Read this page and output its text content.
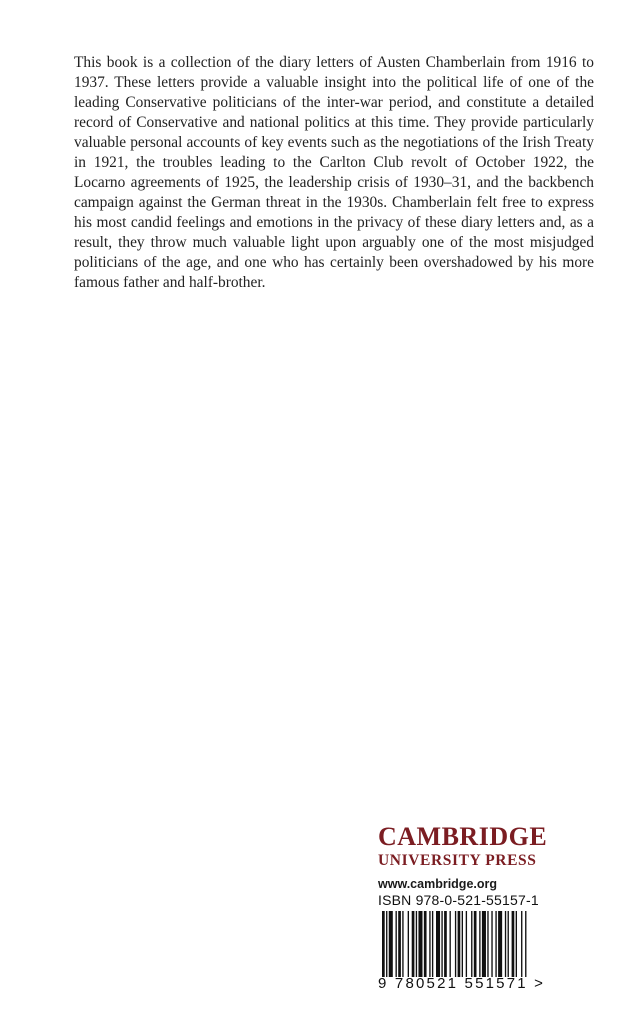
This book is a collection of the diary letters of Austen Chamberlain from 1916 to 1937. These letters provide a valuable insight into the political life of one of the leading Conservative politicians of the inter-war period, and constitute a detailed record of Conservative and national politics at this time. They provide particularly valuable personal accounts of key events such as the negotiations of the Irish Treaty in 1921, the troubles leading to the Carlton Club revolt of October 1922, the Locarno agreements of 1925, the leadership crisis of 1930–31, and the backbench campaign against the German threat in the 1930s. Chamberlain felt free to express his most candid feelings and emotions in the privacy of these diary letters and, as a result, they throw much valuable light upon arguably one of the most misjudged politicians of the age, and one who has certainly been overshadowed by his more famous father and half-brother.

CAMBRIDGE
UNIVERSITY PRESS
www.cambridge.org
ISBN 978-0-521-55157-1
9 780521 551571 >
